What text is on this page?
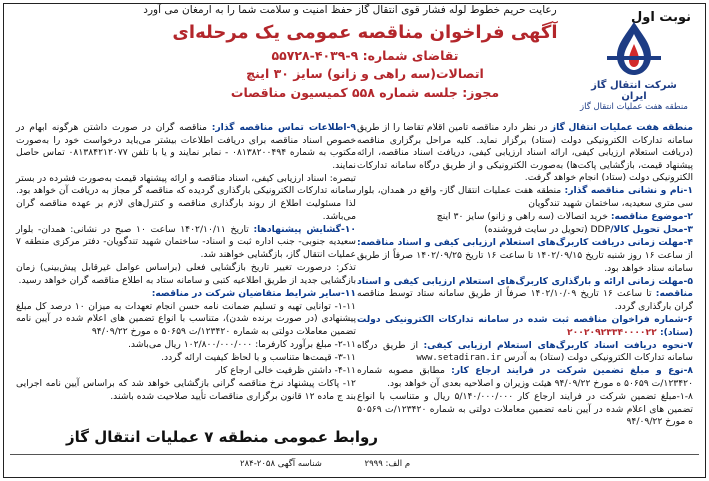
رعایت حریم خطوط لوله فشار قوی انتقال گاز حفظ امنیت و سلامت شما را به ارمغان می آورد	نوبت اول
شرکت انتقال گاز ایران
منطقه هفت عملیات انتقال گاز
آگهی فراخوان مناقصه عمومی یک مرحله‌ای
تقاضای شماره: ۹-۴۰۳۹-۵۵۷۲۸
اتصالات(سه راهی و زانو) سایز ۳۰ اینچ
مجوز: جلسه شماره ۵۵۸ کمیسیون مناقصات

منطقه هفت عملیات انتقال گاز در نظر دارد مناقصه تامین اقلام تقاضا را از طریق سامانه تدارکات الکترونیکی دولت (ستاد) برگزار نماید. کلیه مراحل برگزاری مناقصه (دریافت استعلام ارزیابی کیفی، ارائه اسناد ارزیابی کیفی، دریافت اسناد مناقصه، ارائه پیشنهاد قیمت، بازگشایی پاکت‌ها) به‌صورت الکترونیکی و از طریق درگاه سامانه تدارکات الکترونیکی دولت (ستاد) انجام خواهد گرفت.

۱-نام و نشانی مناقصه گذار: منطقه هفت عملیات انتقال گاز- واقع در همدان، بلوار سی متری سعیدیه، ساختمان شهید تندگویان

۲-موضوع مناقصه: خرید اتصالات (سه راهی و زانو) سایز ۳۰ اینچ

۳-محل تحویل کالا/DDP (تحویل در سایت فروشنده)

۴-مهلت زمانی دریافت کاربرگ‌های استعلام ارزیابی کیفی و اسناد مناقصه: از ساعت ۱۶ روز شنبه تاریخ ۱۴۰۲/۰۹/۱۵ تا ساعت ۱۶ تاریخ ۱۴۰۲/۰۹/۲۵ صرفاً از طریق سامانه ستاد خواهد بود.

۵-مهلت زمانی ارائه و بارگذاری کاربرگ‌های استعلام ارزیابی کیفی و اسناد مناقصه: تا ساعت ۱۶ تاریخ ۱۴۰۲/۱۰/۰۹ صرفاً از طریق سامانه ستاد توسط مناقصه گران بارگذاری گردد.

۶-شماره فراخوان مناقصه ثبت شده در سامانه تدارکات الکترونیکی دولت (ستاد): ۲۰۰۲۰۹۲۳۳۴۰۰۰۰۲۲

۷-نحوه دریافت اسناد کاربرگ‌های استعلام ارزیابی کیفی: از طریق درگاه سامانه تدارکات الکترونیکی دولت (ستاد) به آدرس www.setadiran.ir

۸-نوع و مبلغ تضمین شرکت در فرایند ارجاع کار: مطابق مصوبه شماره ۱۲۳۴۲۰/ت ۵۰۶۵۹ ه مورخ ۹۴/۰۹/۲۲ هیئت وزیران و اصلاحیه بعدی آن خواهد بود.

۱-۸-مبلغ تضمین شرکت در فرایند ارجاع کار ۵/۱۴۰/۰۰۰/۰۰۰ ریال و متناسب با انواع تضمین های اعلام شده در آیین نامه تضمین معاملات دولتی به شماره ۱۲۳۴۲۰/ت ۵۰۵۶۹ ه مورخ ۹۴/۰۹/۲۲

۹-اطلاعات تماس مناقصه گذار: مناقصه گران در صورت داشتن هرگونه ابهام در خصوص اسناد مناقصه برای دریافت اطلاعات بیشتر می‌باید درخواست خود را به‌صورت مکتوب به شماره ۰۸۱۳۸۲۰۰۴۹۴ - نمابر نمایند و یا با تلفن ۰۸۱۳۸۴۲۱۲۰۷۷ تماس حاصل نمایند.

تبصره: اسناد ارزیابی کیفی، اسناد مناقصه و ارائه پیشنهاد قیمت به‌صورت فشرده در بستر سامانه تدارکات الکترونیکی بارگذاری گردیده که مناقصه گر مجاز به دریافت آن خواهد بود. لذا مسئولیت اطلاع از روند بارگذاری مناقصه و کنترل‌های لازم بر عهده مناقصه گران می‌باشد.

۱۰-گشایش پیشنهادها: تاریخ ۱۴۰۲/۱۰/۱۱ ساعت ۱۰ صبح در نشانی: همدان- بلوار سعیدیه جنوبی- جنب اداره ثبت و اسناد- ساختمان شهید تندگویان- دفتر مرکزی منطقه ۷ عملیات انتقال گاز، بازگشایی خواهند شد.

تذکر: درصورت تغییر تاریخ بازگشایی فعلی (براساس عوامل غیرقابل پیش‌بینی) زمان بازگشایی جدید از طریق اطلاعیه کتبی و سامانه ستاد به اطلاع مناقصه گران خواهد رسید.

۱۱-سایر شرایط متقاضیان شرکت در مناقصه:

۱-۱۱- توانایی تهیه و تسلیم ضمانت نامه حسن انجام تعهدات به میزان ۱۰ درصد کل مبلغ پیشنهادی (در صورت برنده شدن)، متناسب با انواع تضمین های اعلام شده در آیین نامه تضمین معاملات دولتی به شماره ۱۲۳۴۲۰/ت ۵۰۶۵۹ ه مورخ ۹۴/۰۹/۲۲

۲-۱۱- مبلغ برآورد کارفرما: ۱۰۲/۸۰۰/۰۰۰/۰۰۰ ریال می‌باشد.

۳-۱۱- قیمت‌ها متناسب و با لحاظ کیفیت ارائه گردد.

۴-۱۱- داشتن ظرفیت خالی ارجاع کار

۱۲- پاکات پیشنهاد نرخ مناقصه گرانی بازگشایی خواهد شد که براساس آیین نامه اجرایی بند ج ماده ۱۲ قانون برگزاری مناقصات تأیید صلاحیت شده باشند.

روابط عمومی منطقه ۷ عملیات انتقال گاز
م الف: ۲۹۹۹ شناسه آگهی ۲۰۵۸-۲۸۴
